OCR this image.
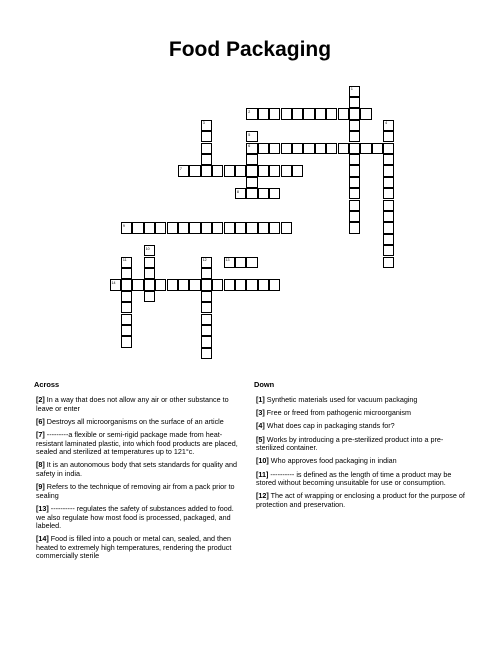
Food Packaging
1
2
3	4
5
6
7
8
9
10
11	12	13
14
Across	Down
[2] In a way that does not allow any air or other substance to leave or enter
[6] Destroys all microorganisms on the surface of an article
[7] ---------a flexible or semi-rigid package made from heat-resistant laminated plastic, into which food products are placed, sealed and sterilized at temperatures up to 121°c.
[8] It is an autonomous body that sets standards for quality and safety in india.
[9] Refers to the technique of removing air from a pack prior to sealing
[13] ---------- regulates the safety of substances added to food. we also regulate how most food is processed, packaged, and labeled.
[14] Food is filled into a pouch or metal can, sealed, and then heated to extremely high temperatures, rendering the product commercially sterile
[1] Synthetic materials used for vacuum packaging
[3] Free or freed from pathogenic microorganism
[4] What does cap in packaging stands for?
[5] Works by introducing a pre-sterilized product into a pre-sterilized container.
[10] Who approves food packaging in indian
[11] ---------- is defined as the length of time a product may be stored without becoming unsuitable for use or consumption.
[12] The act of wrapping or enclosing a product for the purpose of protection and preservation.
